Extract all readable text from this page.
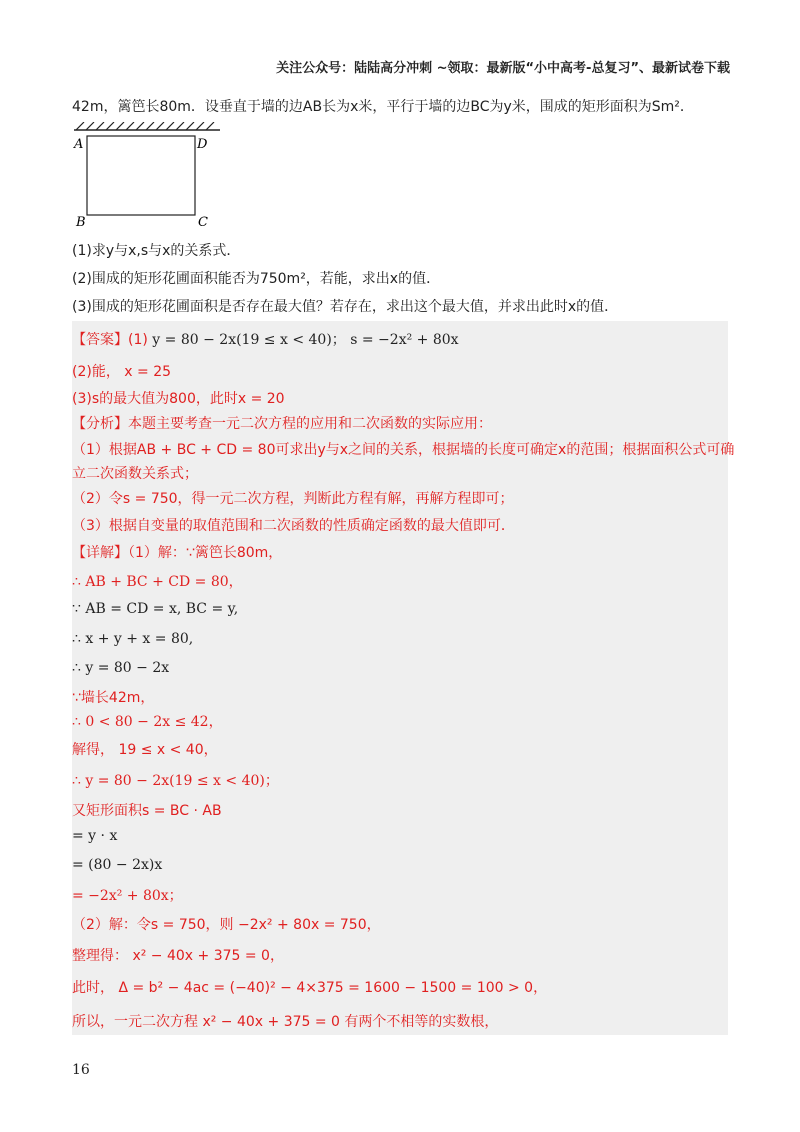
关注公众号：陆陆高分冲刺 ~领取：最新版“小中高考-总复习”、最新试卷下载
42m，篱笆长80m．设垂直于墙的边AB长为x米，平行于墙的边BC为y米，围成的矩形面积为Sm²．
A	D
B	C
(1)求y与x,s与x的关系式．
(2)围成的矩形花圃面积能否为750m²，若能，求出x的值．
(3)围成的矩形花圃面积是否存在最大值？若存在，求出这个最大值，并求出此时x的值．
【答案】(1) y = 80 − 2x(19 ≤ x < 40)； s = −2x² + 80x
(2)能， x = 25
(3)s的最大值为800，此时x = 20
【分析】本题主要考查一元二次方程的应用和二次函数的实际应用：
（1）根据AB + BC + CD = 80可求出y与x之间的关系，根据墙的长度可确定x的范围；根据面积公式可确
立二次函数关系式；
（2）令s = 750，得一元二次方程，判断此方程有解，再解方程即可；
（3）根据自变量的取值范围和二次函数的性质确定函数的最大值即可．
【详解】（1）解：∵篱笆长80m，
∴ AB + BC + CD = 80，
∵ AB = CD = x, BC = y,
∴ x + y + x = 80,
∴ y = 80 − 2x
∵墙长42m，
∴ 0 < 80 − 2x ≤ 42，
解得， 19 ≤ x < 40，
∴ y = 80 − 2x(19 ≤ x < 40)；
又矩形面积s = BC · AB
= y · x
= (80 − 2x)x
= −2x² + 80x；
（2）解：令s = 750，则 −2x² + 80x = 750，
整理得： x² − 40x + 375 = 0，
此时， Δ = b² − 4ac = (−40)² − 4×375 = 1600 − 1500 = 100 > 0，
所以，一元二次方程 x² − 40x + 375 = 0 有两个不相等的实数根，
16
